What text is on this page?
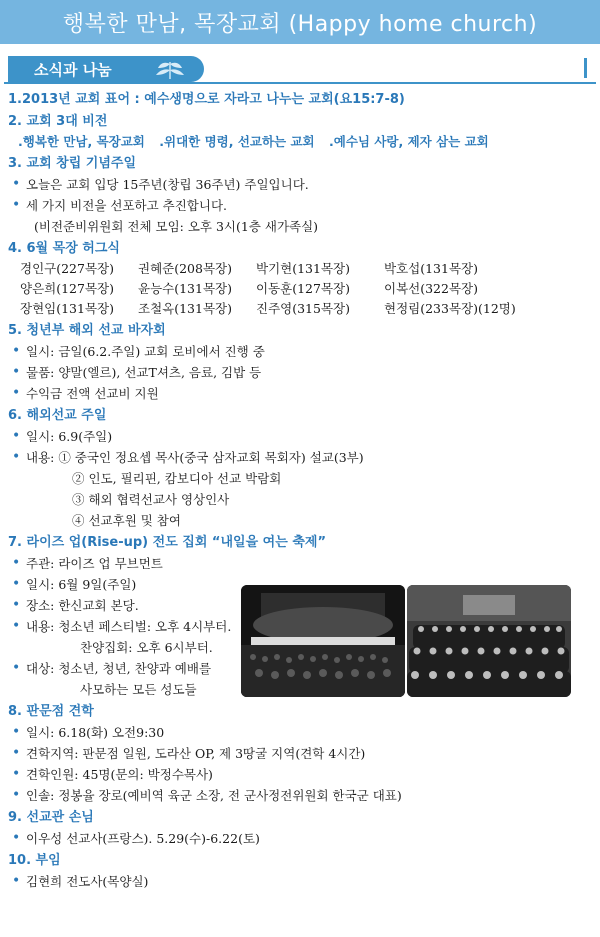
행복한 만남, 목장교회 (Happy home church)
소식과 나눔
1.2013년 교회 표어 : 예수생명으로 자라고 나누는 교회(요15:7-8)
2. 교회 3대 비전
.행복한 만남, 목장교회 .위대한 명령, 선교하는 교회 .예수님 사랑, 제자 삼는 교회
3. 교회 창립 기념주일
• 오늘은 교회 입당 15주년(창립 36주년) 주일입니다.
• 세 가지 비전을 선포하고 추진합니다.
(비전준비위원회 전체 모임: 오후 3시(1층 새가족실)
4. 6월 목장 허그식
경인구(227목장)	권혜준(208목장)	박기현(131목장)	박호섭(131목장)
양은희(127목장)	윤능수(131목장)	이동훈(127목장)	이복선(322목장)
장현임(131목장)	조철옥(131목장)	진주영(315목장)	현정림(233목장)(12명)
5. 청년부 해외 선교 바자회
• 일시: 금일(6.2.주일) 교회 로비에서 진행 중
• 물품: 양말(엘르), 선교T셔츠, 음료, 김밥 등
• 수익금 전액 선교비 지원
6. 해외선교 주일
• 일시: 6.9(주일)
• 내용: ① 중국인 정요셉 목사(중국 삼자교회 목회자) 설교(3부)
② 인도, 필리핀, 캄보디아 선교 박람회
③ 해외 협력선교사 영상인사
④ 선교후원 및 참여
7. 라이즈 업(Rise-up) 전도 집회 “내일을 여는 축제”
• 주관: 라이즈 업 무브먼트
• 일시: 6월 9일(주일)
• 장소: 한신교회 본당.
• 내용: 청소년 페스티벌: 오후 4시부터.
찬양집회: 오후 6시부터.
• 대상: 청소년, 청년, 찬양과 예배를
사모하는 모든 성도들
8. 판문점 견학
• 일시: 6.18(화) 오전9:30
• 견학지역: 판문점 일원, 도라산 OP, 제 3땅굴 지역(견학 4시간)
• 견학인원: 45명(문의: 박정수목사)
• 인솔: 정봉율 장로(예비역 육군 소장, 전 군사정전위원회 한국군 대표)
9. 선교관 손님
• 이우성 선교사(프랑스). 5.29(수)-6.22(토)
10. 부임
• 김현희 전도사(목양실)
